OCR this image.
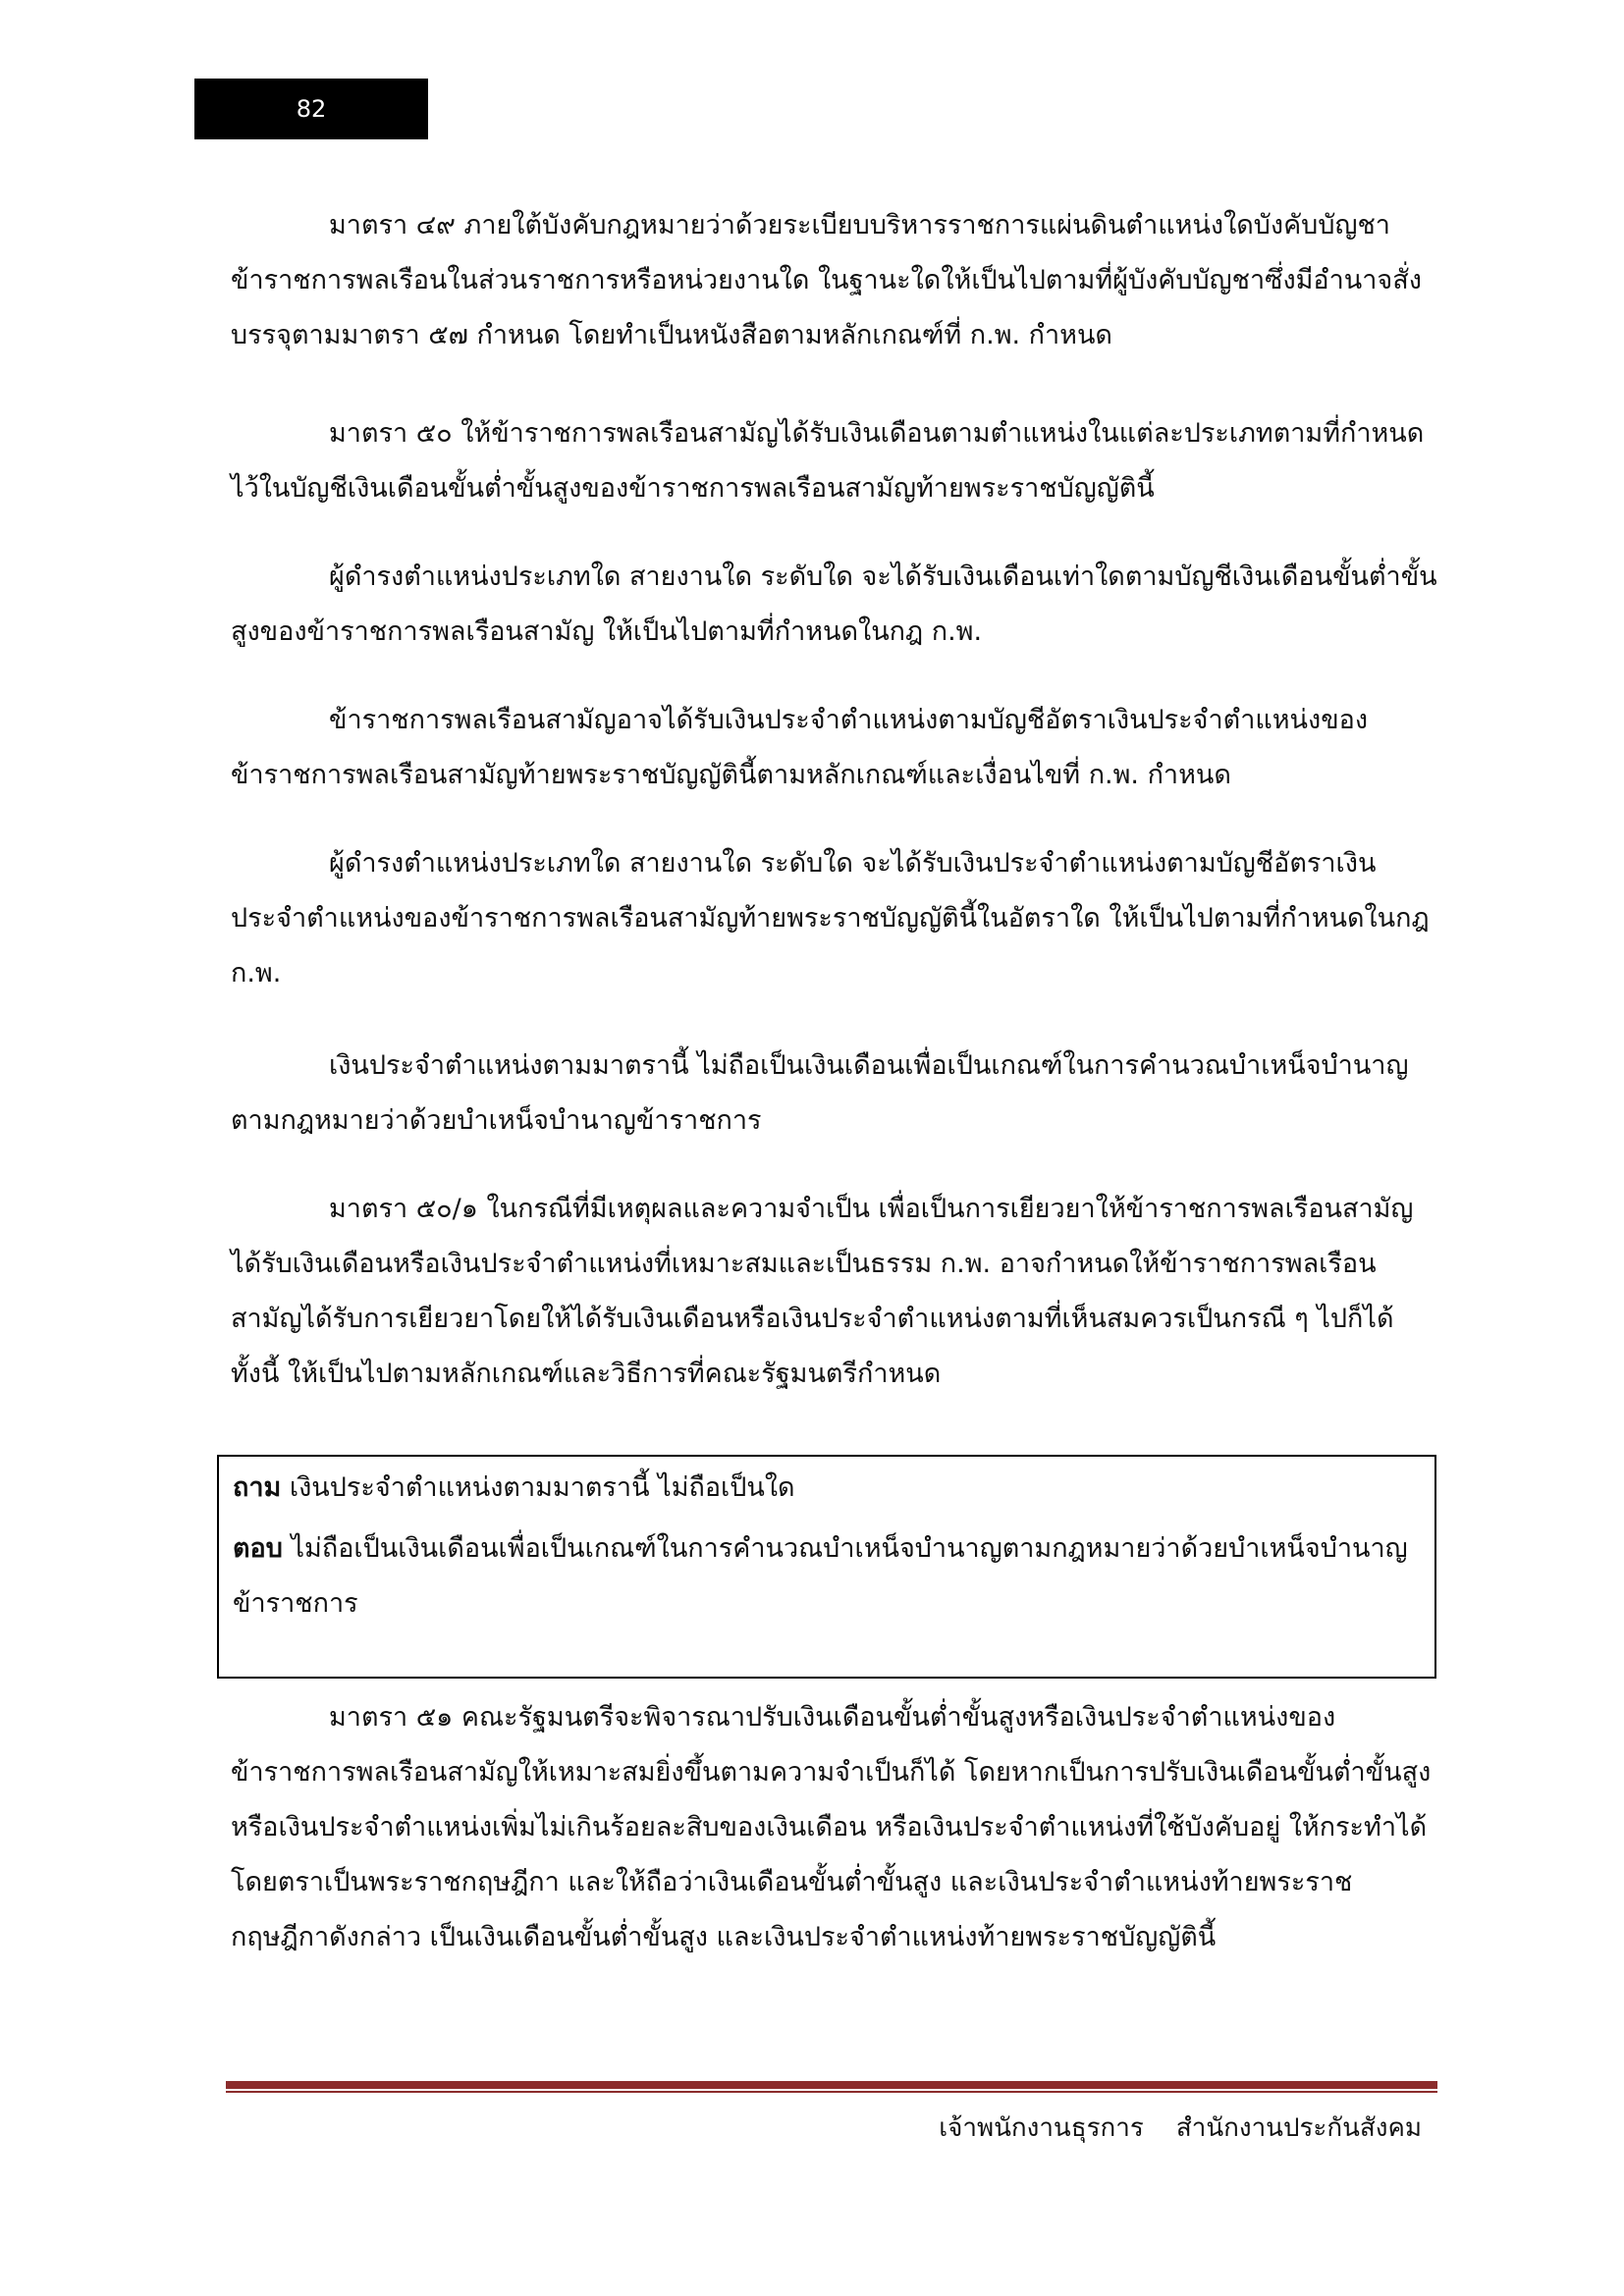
82

มาตรา ๔๙ ภายใต้บังคับกฎหมายว่าด้วยระเบียบบริหารราชการแผ่นดินตำแหน่งใดบังคับบัญชาข้าราชการพลเรือนในส่วนราชการหรือหน่วยงานใด ในฐานะใดให้เป็นไปตามที่ผู้บังคับบัญชาซึ่งมีอำนาจสั่งบรรจุตามมาตรา ๕๗ กำหนด โดยทำเป็นหนังสือตามหลักเกณฑ์ที่ ก.พ. กำหนด

มาตรา ๕๐ ให้ข้าราชการพลเรือนสามัญได้รับเงินเดือนตามตำแหน่งในแต่ละประเภทตามที่กำหนดไว้ในบัญชีเงินเดือนขั้นต่ำขั้นสูงของข้าราชการพลเรือนสามัญท้ายพระราชบัญญัตินี้

ผู้ดำรงตำแหน่งประเภทใด สายงานใด ระดับใด จะได้รับเงินเดือนเท่าใดตามบัญชีเงินเดือนขั้นต่ำขั้นสูงของข้าราชการพลเรือนสามัญ ให้เป็นไปตามที่กำหนดในกฎ ก.พ.

ข้าราชการพลเรือนสามัญอาจได้รับเงินประจำตำแหน่งตามบัญชีอัตราเงินประจำตำแหน่งของข้าราชการพลเรือนสามัญท้ายพระราชบัญญัตินี้ตามหลักเกณฑ์และเงื่อนไขที่ ก.พ. กำหนด

ผู้ดำรงตำแหน่งประเภทใด สายงานใด ระดับใด จะได้รับเงินประจำตำแหน่งตามบัญชีอัตราเงินประจำตำแหน่งของข้าราชการพลเรือนสามัญท้ายพระราชบัญญัตินี้ในอัตราใด ให้เป็นไปตามที่กำหนดในกฎ ก.พ.

เงินประจำตำแหน่งตามมาตรานี้ ไม่ถือเป็นเงินเดือนเพื่อเป็นเกณฑ์ในการคำนวณบำเหน็จบำนาญตามกฎหมายว่าด้วยบำเหน็จบำนาญข้าราชการ

มาตรา ๕๐/๑ ในกรณีที่มีเหตุผลและความจำเป็น เพื่อเป็นการเยียวยาให้ข้าราชการพลเรือนสามัญได้รับเงินเดือนหรือเงินประจำตำแหน่งที่เหมาะสมและเป็นธรรม ก.พ. อาจกำหนดให้ข้าราชการพลเรือนสามัญได้รับการเยียวยาโดยให้ได้รับเงินเดือนหรือเงินประจำตำแหน่งตามที่เห็นสมควรเป็นกรณี ๆ ไปก็ได้ ทั้งนี้ ให้เป็นไปตามหลักเกณฑ์และวิธีการที่คณะรัฐมนตรีกำหนด

ถาม เงินประจำตำแหน่งตามมาตรานี้ ไม่ถือเป็นใด

ตอบ ไม่ถือเป็นเงินเดือนเพื่อเป็นเกณฑ์ในการคำนวณบำเหน็จบำนาญตามกฎหมายว่าด้วยบำเหน็จบำนาญข้าราชการ

มาตรา ๕๑ คณะรัฐมนตรีจะพิจารณาปรับเงินเดือนขั้นต่ำขั้นสูงหรือเงินประจำตำแหน่งของข้าราชการพลเรือนสามัญให้เหมาะสมยิ่งขึ้นตามความจำเป็นก็ได้ โดยหากเป็นการปรับเงินเดือนขั้นต่ำขั้นสูงหรือเงินประจำตำแหน่งเพิ่มไม่เกินร้อยละสิบของเงินเดือน หรือเงินประจำตำแหน่งที่ใช้บังคับอยู่ ให้กระทำได้โดยตราเป็นพระราชกฤษฎีกา และให้ถือว่าเงินเดือนขั้นต่ำขั้นสูง และเงินประจำตำแหน่งท้ายพระราชกฤษฎีกาดังกล่าว เป็นเงินเดือนขั้นต่ำขั้นสูง และเงินประจำตำแหน่งท้ายพระราชบัญญัตินี้

เจ้าพนักงานธุรการ    สำนักงานประกันสังคม
